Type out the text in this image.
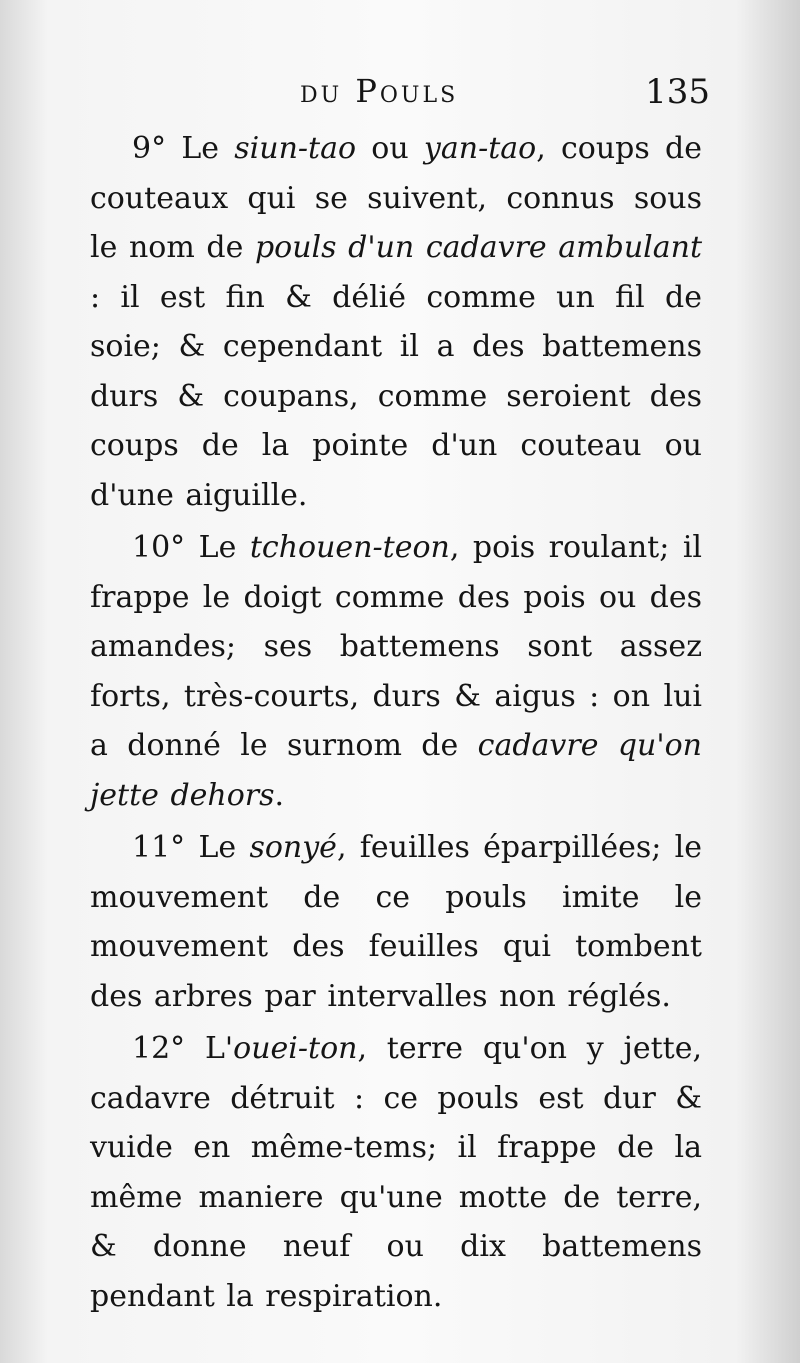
du Pouls	135

9° Le siun-tao ou yan-tao, coups de couteaux qui se suivent, connus sous le nom de pouls d'un cadavre ambulant : il est fin & délié comme un fil de soie; & cependant il a des battemens durs & coupans, comme seroient des coups de la pointe d'un couteau ou d'une aiguille.

10° Le tchouen-teon, pois roulant; il frappe le doigt comme des pois ou des amandes; ses battemens sont assez forts, très-courts, durs & aigus : on lui a donné le surnom de cadavre qu'on jette dehors.

11° Le sonyé, feuilles éparpillées; le mouvement de ce pouls imite le mouvement des feuilles qui tombent des arbres par intervalles non réglés.

12° L'ouei-ton, terre qu'on y jette, cadavre détruit : ce pouls est dur & vuide en même-tems; il frappe de la même maniere qu'une motte de terre, & donne neuf ou dix battemens pendant la respiration.
